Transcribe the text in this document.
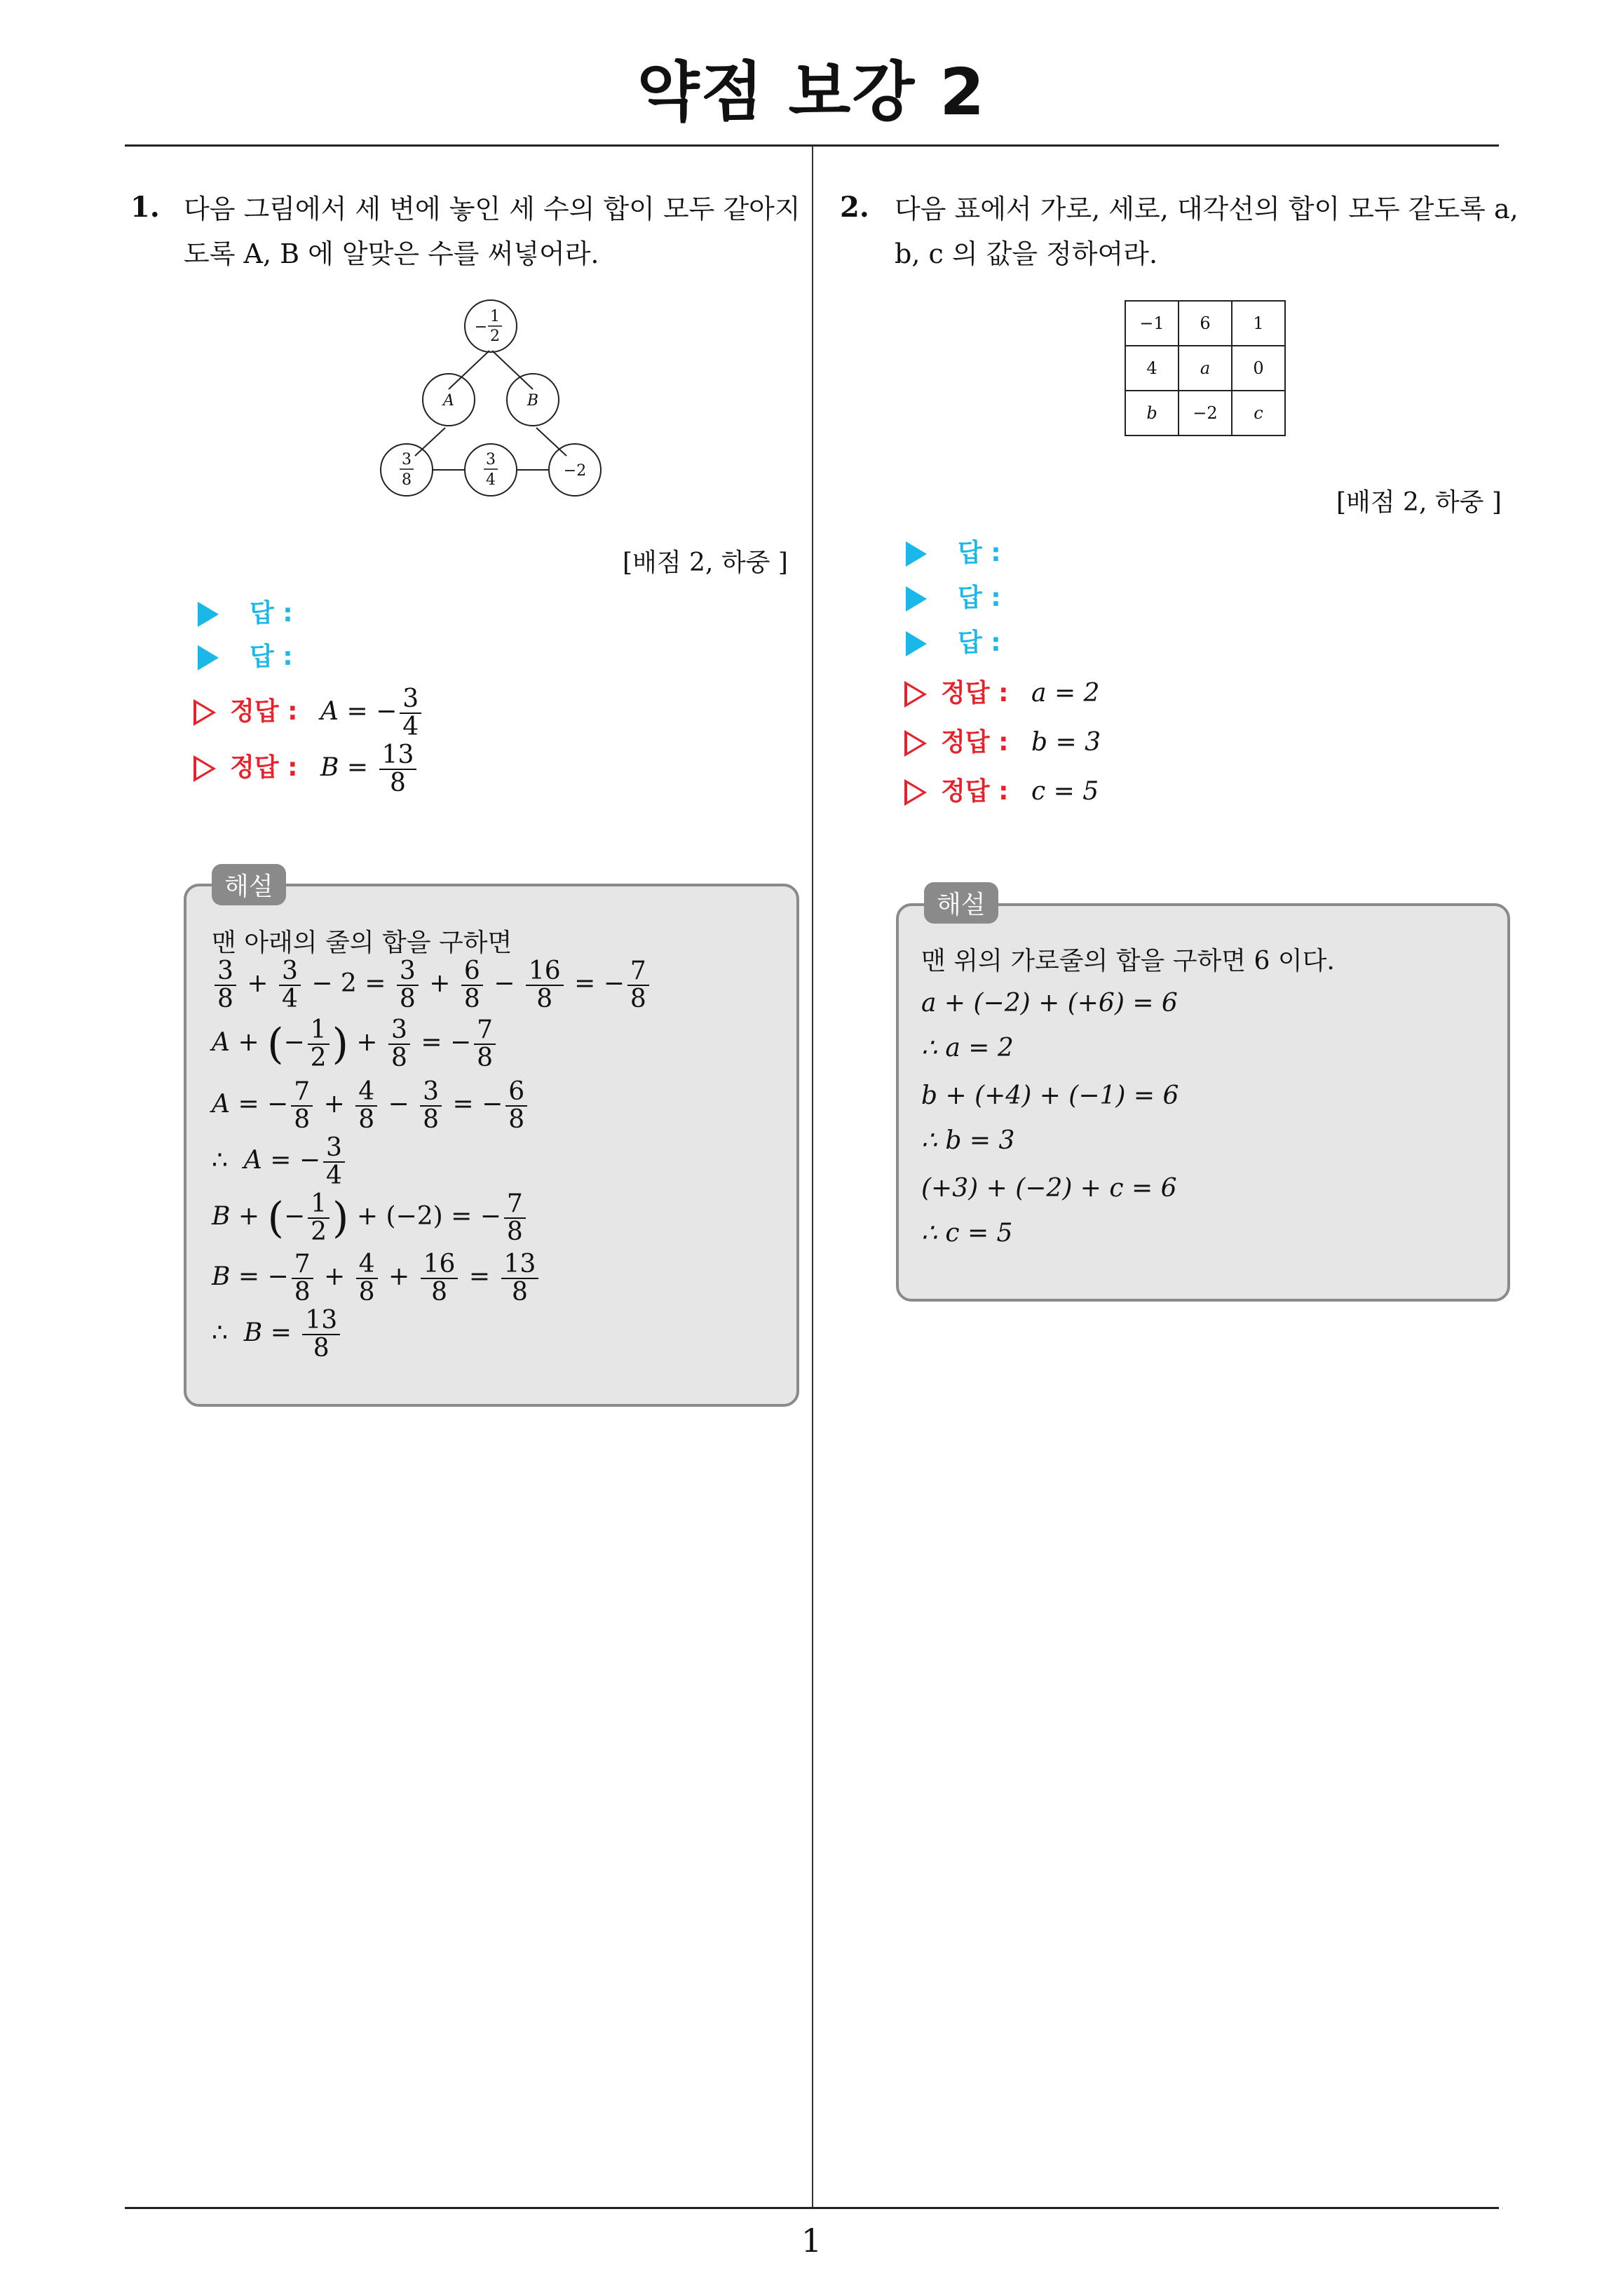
약점 보강 2
1
1. 다음 그림에서 세 변에 놓인 세 수의 합이 모두 같아지
도록 A, B 에 알맞은 수를 써넣어라.
−
1
2
A	B
3
8
3
4
−2
[배점 2, 하중 ]
답 :
답 :
정답 : A = − $\frac{3}{4}$
정답 : $B = \frac{13}{8}$
해설
맨 아래의 줄의 합을 구하면
$\frac{3}{8} + \frac{3}{4} - 2 = \frac{3}{8} + \frac{6}{8} - \frac{16}{8}$ = − $\frac{7}{8}$
A + (− $\frac{1}{2}$ ) + $\frac{3}{8}$ = − $\frac{7}{8}$
A = − $\frac{7}{8} + \frac{4}{8} - \frac{3}{8}$ = − $\frac{6}{8}$
∴  A = − $\frac{3}{4}$
B + (− $\frac{1}{2}$ ) + (−2) = − $\frac{7}{8}$
B = − $\frac{7}{8} + \frac{4}{8} + \frac{16}{8} = \frac{13}{8}$
∴  $B = \frac{13}{8}$
2. 다음 표에서 가로, 세로, 대각선의 합이 모두 같도록 a,
b, c 의 값을 정하여라.
−1	6	1
4	a	0
b	−2	c
[배점 2, 하중 ]
답 :
답 :
답 :
정답 : a = 2
정답 : b = 3
정답 : c = 5
해설
맨 위의 가로줄의 합을 구하면 6 이다.
a + (−2) + (+6) = 6
∴ a = 2
b + (+4) + (−1) = 6
∴ b = 3
(+3) + (−2) + c = 6
∴ c = 5
